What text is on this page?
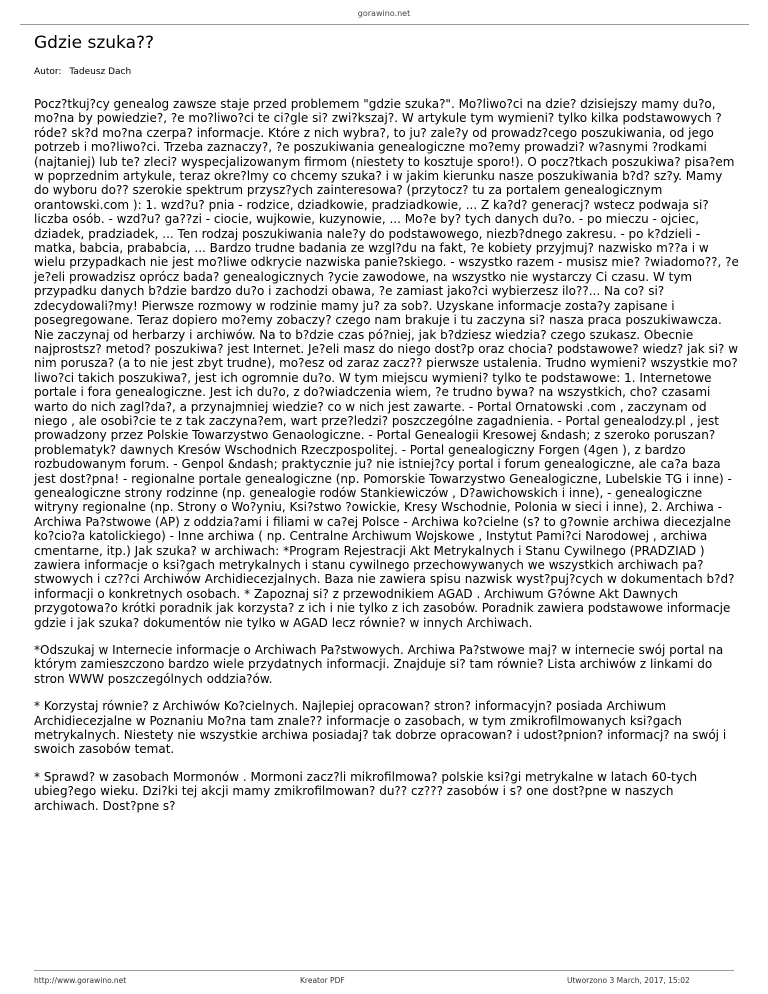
gorawino.net
Gdzie szuka??
Autor: Tadeusz Dach

Pocz?tkuj?cy genealog zawsze staje przed problemem "gdzie szuka?". Mo?liwo?ci na dzie? dzisiejszy mamy du?o, mo?na by powiedzie?, ?e mo?liwo?ci te ci?gle si? zwi?kszaj?. W artykule tym wymieni? tylko kilka podstawowych ?róde? sk?d mo?na czerpa? informacje. Które z nich wybra?, to ju? zale?y od prowadz?cego poszukiwania, od jego potrzeb i mo?liwo?ci. Trzeba zaznaczy?, ?e poszukiwania genealogiczne mo?emy prowadzi? w?asnymi ?rodkami (najtaniej) lub te? zleci? wyspecjalizowanym firmom (niestety to kosztuje sporo!). O pocz?tkach poszukiwa? pisa?em w poprzednim artykule, teraz okre?lmy co chcemy szuka? i w jakim kierunku nasze poszukiwania b?d? sz?y. Mamy do wyboru do?? szerokie spektrum przysz?ych zainteresowa? (przytocz? tu za portalem genealogicznym orantowski.com ): 1. wzd?u? pnia - rodzice, dziadkowie, pradziadkowie, ... Z ka?d? generacj? wstecz podwaja si? liczba osób. - wzd?u? ga??zi - ciocie, wujkowie, kuzynowie, ... Mo?e by? tych danych du?o. - po mieczu - ojciec, dziadek, pradziadek, ... Ten rodzaj poszukiwania nale?y do podstawowego, niezb?dnego zakresu. - po k?dzieli - matka, babcia, prababcia, ... Bardzo trudne badania ze wzgl?du na fakt, ?e kobiety przyjmuj? nazwisko m??a i w wielu przypadkach nie jest mo?liwe odkrycie nazwiska panie?skiego. - wszystko razem - musisz mie? ?wiadomo??, ?e je?eli prowadzisz oprócz bada? genealogicznych ?ycie zawodowe, na wszystko nie wystarczy Ci czasu. W tym przypadku danych b?dzie bardzo du?o i zachodzi obawa, ?e zamiast jako?ci wybierzesz ilo??... Na co? si? zdecydowali?my! Pierwsze rozmowy w rodzinie mamy ju? za sob?. Uzyskane informacje zosta?y zapisane i posegregowane. Teraz dopiero mo?emy zobaczy? czego nam brakuje i tu zaczyna si? nasza praca poszukiwawcza. Nie zaczynaj od herbarzy i archiwów. Na to b?dzie czas pó?niej, jak b?dziesz wiedzia? czego szukasz. Obecnie najprostsz? metod? poszukiwa? jest Internet. Je?eli masz do niego dost?p oraz chocia? podstawowe? wiedz? jak si? w nim porusza? (a to nie jest zbyt trudne), mo?esz od zaraz zacz?? pierwsze ustalenia. Trudno wymieni? wszystkie mo?liwo?ci takich poszukiwa?, jest ich ogromnie du?o. W tym miejscu wymieni? tylko te podstawowe: 1. Internetowe portale i fora genealogiczne. Jest ich du?o, z do?wiadczenia wiem, ?e trudno bywa? na wszystkich, cho? czasami warto do nich zagl?da?, a przynajmniej wiedzie? co w nich jest zawarte. - Portal Ornatowski .com , zaczynam od niego , ale osobi?cie te z tak zaczyna?em, wart prze?ledzi? poszczególne zagadnienia. - Portal genealodzy.pl , jest prowadzony przez Polskie Towarzystwo Genaologiczne. - Portal Genealogii Kresowej &ndash; z szeroko poruszan? problematyk? dawnych Kresów Wschodnich Rzeczpospolitej. - Portal genealogiczny Forgen (4gen ), z bardzo rozbudowanym forum. - Genpol &ndash; praktycznie ju? nie istniej?cy portal i forum genealogiczne, ale ca?a baza jest dost?pna! - regionalne portale genealogiczne (np. Pomorskie Towarzystwo Genealogiczne, Lubelskie TG i inne) - genealogiczne strony rodzinne (np. genealogie rodów Stankiewiczów , D?awichowskich i inne), - genealogiczne witryny regionalne (np. Strony o Wo?yniu, Ksi?stwo ?owickie, Kresy Wschodnie, Polonia w sieci i inne), 2. Archiwa - Archiwa Pa?stwowe (AP) z oddzia?ami i filiami w ca?ej Polsce - Archiwa ko?cielne (s? to g?ownie archiwa diecezjalne ko?cio?a katolickiego) - Inne archiwa ( np. Centralne Archiwum Wojskowe , Instytut Pami?ci Narodowej , archiwa cmentarne, itp.) Jak szuka? w archiwach: *Program Rejestracji Akt Metrykalnych i Stanu Cywilnego (PRADZIAD ) zawiera informacje o ksi?gach metrykalnych i stanu cywilnego przechowywanych we wszystkich archiwach pa?stwowych i cz??ci Archiwów Archidiecezjalnych. Baza nie zawiera spisu nazwisk wyst?puj?cych w dokumentach b?d? informacji o konkretnych osobach. * Zapoznaj si? z przewodnikiem AGAD . Archiwum G?ówne Akt Dawnych przygotowa?o krótki poradnik jak korzysta? z ich i nie tylko z ich zasobów. Poradnik zawiera podstawowe informacje gdzie i jak szuka? dokumentów nie tylko w AGAD lecz równie? w innych Archiwach.

*Odszukaj w Internecie informacje o Archiwach Pa?stwowych. Archiwa Pa?stwowe maj? w internecie swój portal na którym zamieszczono bardzo wiele przydatnych informacji. Znajduje si? tam równie? Lista archiwów z linkami do stron WWW poszczególnych oddzia?ów.

* Korzystaj równie? z Archiwów Ko?cielnych. Najlepiej opracowan? stron? informacyjn? posiada Archiwum Archidiecezjalne w Poznaniu Mo?na tam znale?? informacje o zasobach, w tym zmikrofilmowanych ksi?gach metrykalnych. Niestety nie wszystkie archiwa posiadaj? tak dobrze opracowan? i udost?pnion? informacj? na swój i swoich zasobów temat.

* Sprawd? w zasobach Mormonów . Mormoni zacz?li mikrofilmowa? polskie ksi?gi metrykalne w latach 60-tych ubieg?ego wieku. Dzi?ki tej akcji mamy zmikrofilmowan? du?? cz??? zasobów i s? one dost?pne w naszych archiwach. Dost?pne s?

http://www.gorawino.net	Kreator PDF	Utworzono 3 March, 2017, 15:02
